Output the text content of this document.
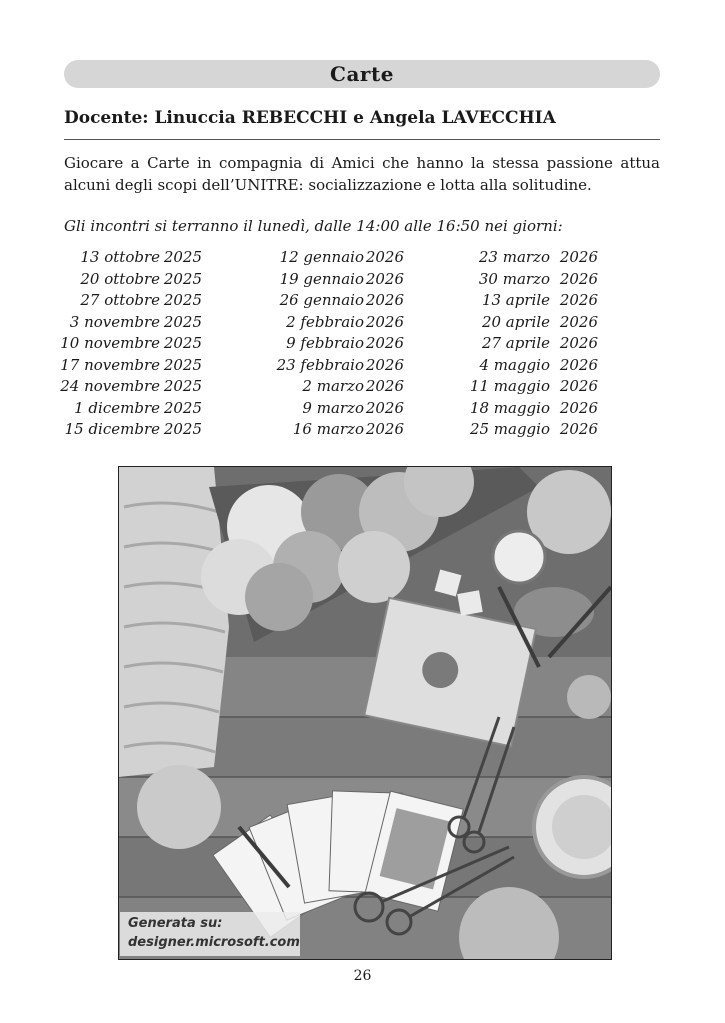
Carte
Docente: Linuccia REBECCHI e Angela LAVECCHIA
Giocare a Carte in compagnia di Amici che hanno la stessa passione attua alcuni degli scopi dell’UNITRE: socializzazione e lotta alla solitudine.
Gli incontri si terranno il lunedì, dalle 14:00 alle 16:50 nei giorni:
13 ottobre 2025
20 ottobre 2025
27 ottobre 2025
3 novembre 2025
10 novembre 2025
17 novembre 2025
24 novembre 2025
1 dicembre 2025
15 dicembre 2025
12 gennaio 2026
19 gennaio 2026
26 gennaio 2026
2 febbraio 2026
9 febbraio 2026
23 febbraio 2026
2 marzo 2026
9 marzo 2026
16 marzo 2026
23 marzo 2026
30 marzo 2026
13 aprile 2026
20 aprile 2026
27 aprile 2026
4 maggio 2026
11 maggio 2026
18 maggio 2026
25 maggio 2026
Generata su:
designer.microsoft.com
26
